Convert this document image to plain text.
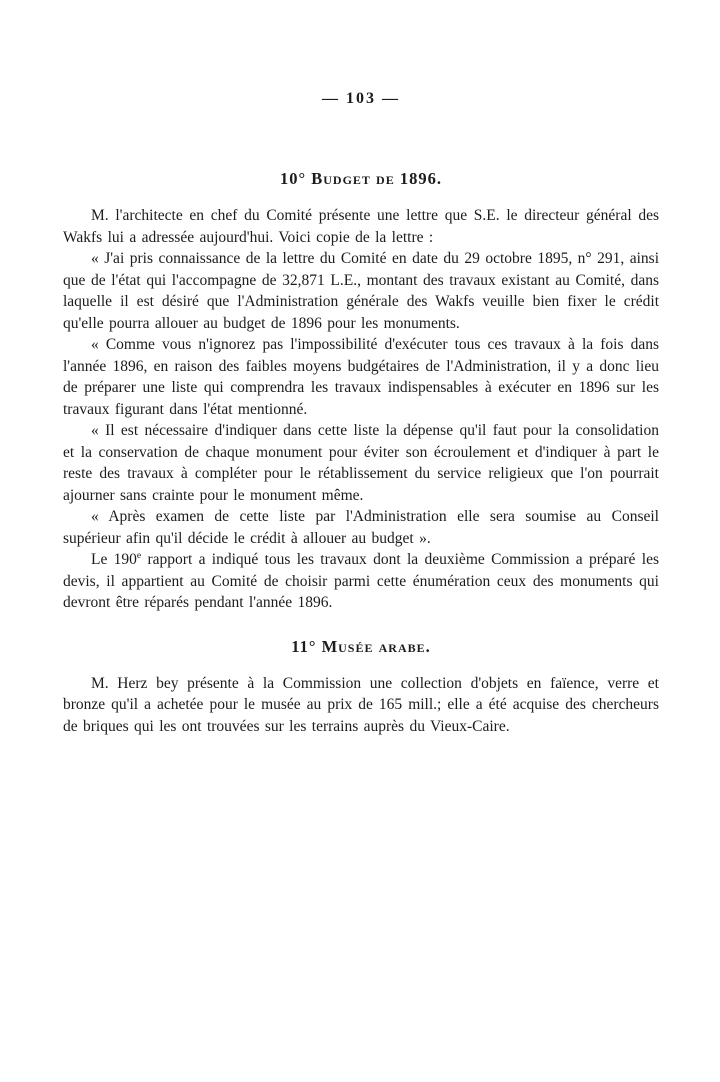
— 103 —
10° Budget de 1896.

M. l'architecte en chef du Comité présente une lettre que S.E. le directeur général des Wakfs lui a adressée aujourd'hui. Voici copie de la lettre :

« J'ai pris connaissance de la lettre du Comité en date du 29 octobre 1895, n° 291, ainsi que de l'état qui l'accompagne de 32,871 L.E., montant des travaux existant au Comité, dans laquelle il est désiré que l'Administration générale des Wakfs veuille bien fixer le crédit qu'elle pourra allouer au budget de 1896 pour les monuments.

« Comme vous n'ignorez pas l'impossibilité d'exécuter tous ces travaux à la fois dans l'année 1896, en raison des faibles moyens budgétaires de l'Administration, il y a donc lieu de préparer une liste qui comprendra les travaux indispensables à exécuter en 1896 sur les travaux figurant dans l'état mentionné.

« Il est nécessaire d'indiquer dans cette liste la dépense qu'il faut pour la consolidation et la conservation de chaque monument pour éviter son écroulement et d'indiquer à part le reste des travaux à compléter pour le rétablissement du service religieux que l'on pourrait ajourner sans crainte pour le monument même.

« Après examen de cette liste par l'Administration elle sera soumise au Conseil supérieur afin qu'il décide le crédit à allouer au budget ».

Le 190e rapport a indiqué tous les travaux dont la deuxième Commission a préparé les devis, il appartient au Comité de choisir parmi cette énumération ceux des monuments qui devront être réparés pendant l'année 1896.

11° Musée arabe.

M. Herz bey présente à la Commission une collection d'objets en faïence, verre et bronze qu'il a achetée pour le musée au prix de 165 mill.; elle a été acquise des chercheurs de briques qui les ont trouvées sur les terrains auprès du Vieux-Caire.
